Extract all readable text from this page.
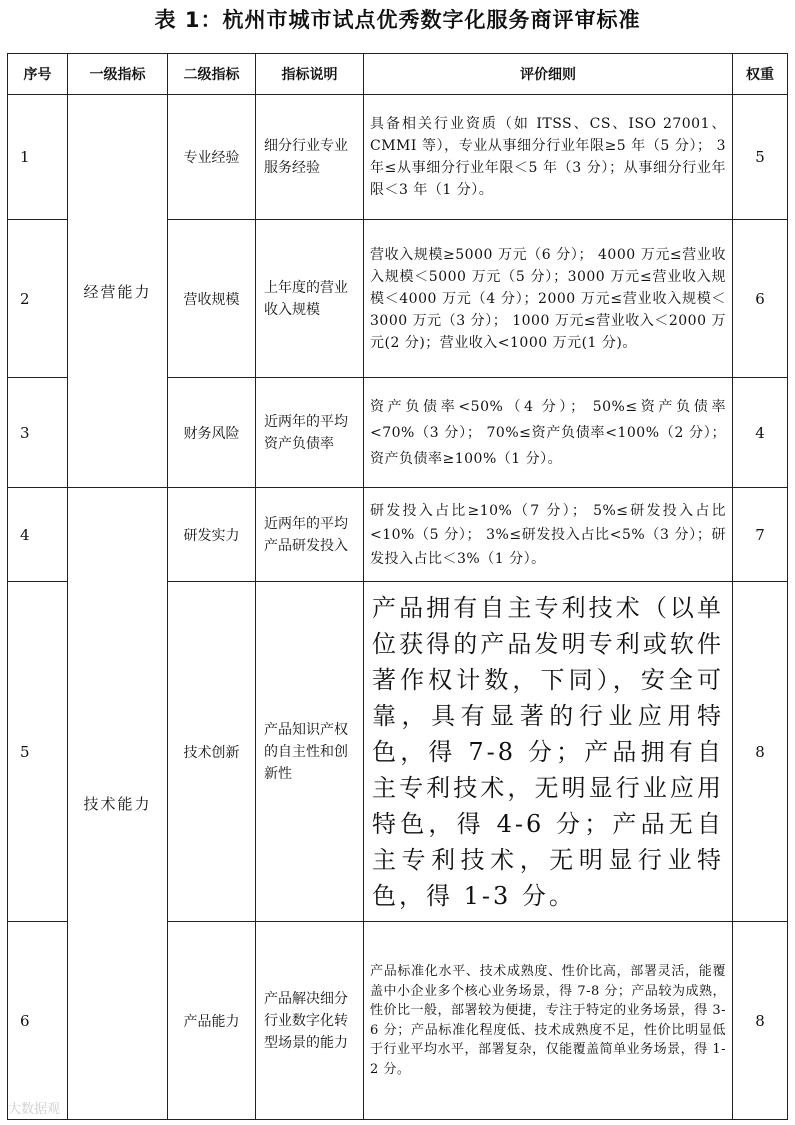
表 1：杭州市城市试点优秀数字化服务商评审标准
序号	一级指标	二级指标	指标说明	评价细则	权重
1	经营能力	专业经验	细分行业专业服务经验	具备相关行业资质（如 ITSS、CS、ISO 27001、CMMI 等），专业从事细分行业年限≥5 年（5 分）； 3 年≤从事细分行业年限＜5 年（3 分）；从事细分行业年限＜3 年（1 分）。	5
2		营收规模	上年度的营业收入规模	营收入规模≥5000 万元（6 分）； 4000 万元≤营业收入规模＜5000 万元（5 分）；3000 万元≤营业收入规模＜4000 万元（4 分）；2000 万元≤营业收入规模＜3000 万元（3 分）； 1000 万元≤营业收入＜2000 万元(2 分)；营业收入<1000 万元(1 分)。	6
3		财务风险	近两年的平均资产负债率	资产负债率<50%（4 分）； 50%≤资产负债率<70%（3 分）； 70%≤资产负债率<100%（2 分）；资产负债率≥100%（1 分）。	4
4	技术能力	研发实力	近两年的平均产品研发投入	研发投入占比≥10%（7 分）； 5%≤研发投入占比<10%（5 分）； 3%≤研发投入占比<5%（3 分）；研发投入占比＜3%（1 分）。	7
5		技术创新	产品知识产权的自主性和创新性	产品拥有自主专利技术（以单位获得的产品发明专利或软件著作权计数，下同），安全可靠，具有显著的行业应用特色，得 7-8 分；产品拥有自主专利技术，无明显行业应用特色，得 4-6 分；产品无自主专利技术，无明显行业特色，得 1-3 分。	8
6		产品能力	产品解决细分行业数字化转型场景的能力	产品标准化水平、技术成熟度、性价比高，部署灵活，能覆盖中小企业多个核心业务场景，得 7-8 分；产品较为成熟，性价比一般，部署较为便捷，专注于特定的业务场景，得 3-6 分；产品标准化程度低、技术成熟度不足，性价比明显低于行业平均水平，部署复杂，仅能覆盖简单业务场景，得 1-2 分。	8
大数据观
